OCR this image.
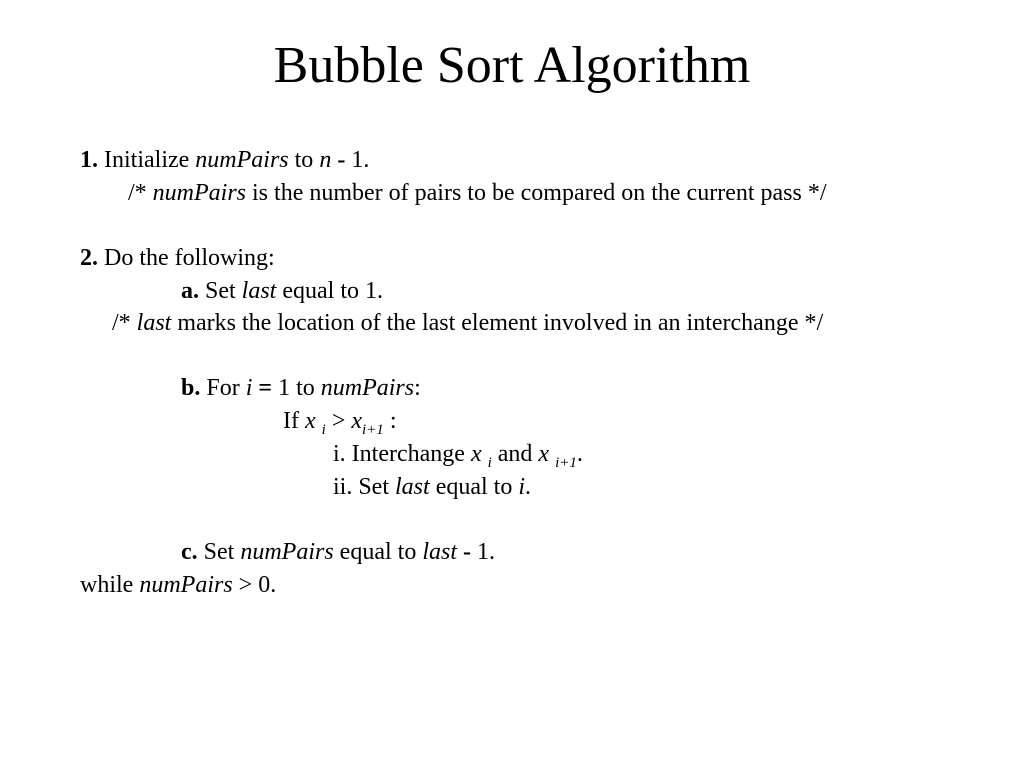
Bubble Sort Algorithm
1. Initialize numPairs to n - 1.
/* numPairs is the number of pairs to be compared on the current pass */
2. Do the following:
a. Set last equal to 1.
/* last marks the location of the last element involved in an interchange */
b. For i = 1 to numPairs:
If x $_i > x_{i+1}$ :
i. Interchange x $_i$ and x $_{i+1}$.
ii. Set last equal to i.
c. Set numPairs equal to last - 1.
while numPairs > 0.
